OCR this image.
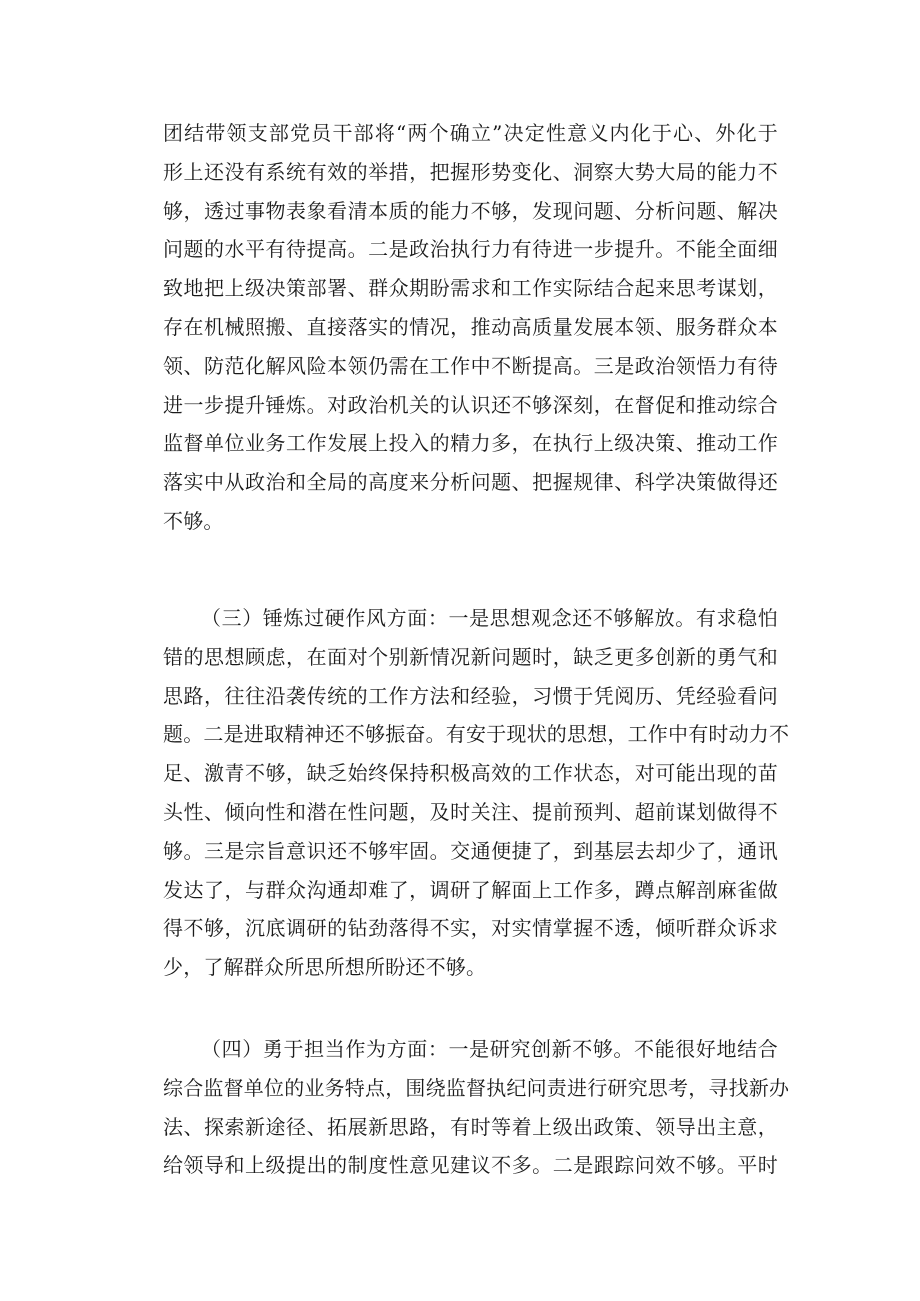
团结带领支部党员干部将“两个确立”决定性意义内化于心、外化于
形上还没有系统有效的举措，把握形势变化、洞察大势大局的能力不
够，透过事物表象看清本质的能力不够，发现问题、分析问题、解决
问题的水平有待提高。二是政治执行力有待进一步提升。不能全面细
致地把上级决策部署、群众期盼需求和工作实际结合起来思考谋划，
存在机械照搬、直接落实的情况，推动高质量发展本领、服务群众本
领、防范化解风险本领仍需在工作中不断提高。三是政治领悟力有待
进一步提升锤炼。对政治机关的认识还不够深刻，在督促和推动综合
监督单位业务工作发展上投入的精力多，在执行上级决策、推动工作
落实中从政治和全局的高度来分析问题、把握规律、科学决策做得还
不够。
（三）锤炼过硬作风方面：一是思想观念还不够解放。有求稳怕
错的思想顾虑，在面对个别新情况新问题时，缺乏更多创新的勇气和
思路，往往沿袭传统的工作方法和经验，习惯于凭阅历、凭经验看问
题。二是进取精神还不够振奋。有安于现状的思想，工作中有时动力不
足、激青不够，缺乏始终保持积极高效的工作状态，对可能出现的苗
头性、倾向性和潜在性问题，及时关注、提前预判、超前谋划做得不
够。三是宗旨意识还不够牢固。交通便捷了，到基层去却少了，通讯
发达了，与群众沟通却难了，调研了解面上工作多，蹲点解剖麻雀做
得不够，沉底调研的钻劲落得不实，对实情掌握不透，倾听群众诉求
少，了解群众所思所想所盼还不够。
（四）勇于担当作为方面：一是研究创新不够。不能很好地结合
综合监督单位的业务特点，围绕监督执纪问责进行研究思考，寻找新办
法、探索新途径、拓展新思路，有时等着上级出政策、领导出主意，
给领导和上级提出的制度性意见建议不多。二是跟踪问效不够。平时
